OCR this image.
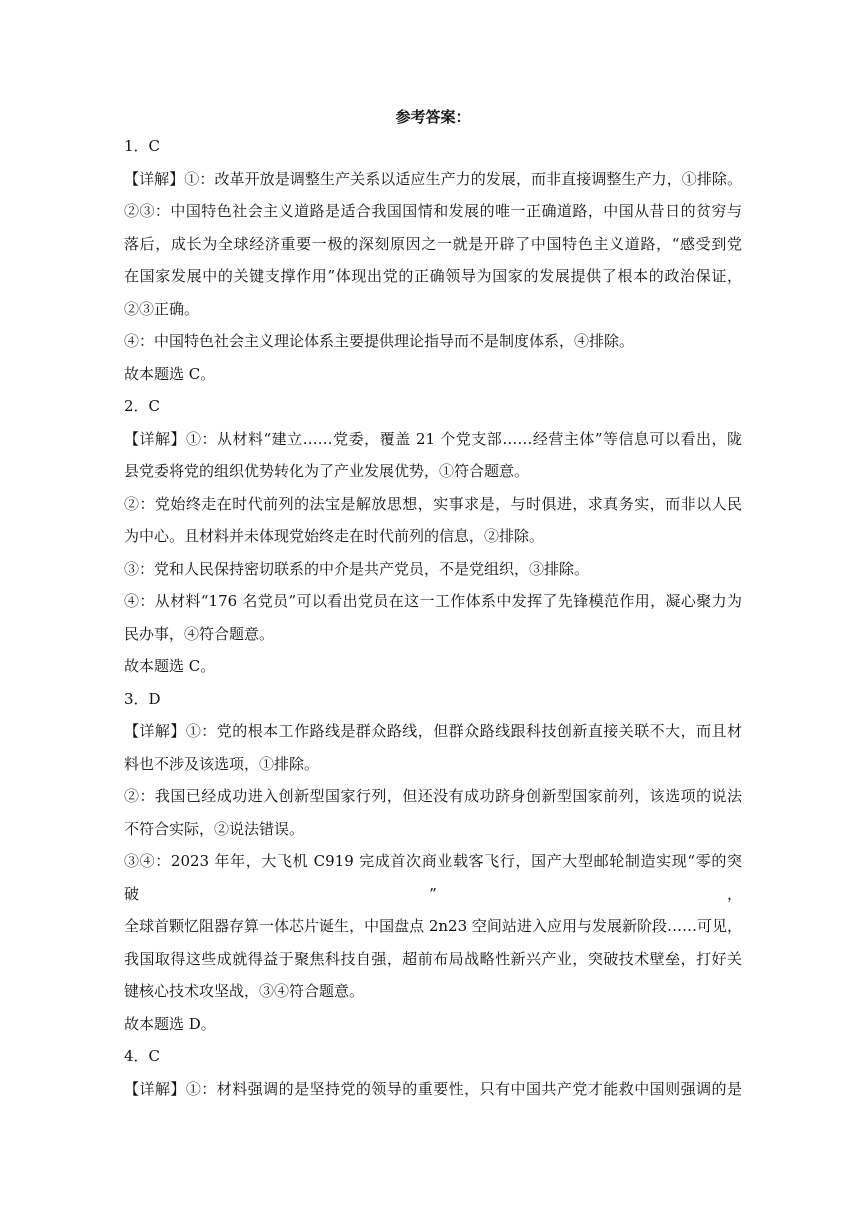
参考答案：
1．C
【详解】①：改革开放是调整生产关系以适应生产力的发展，而非直接调整生产力，①排除。
②③：中国特色社会主义道路是适合我国国情和发展的唯一正确道路，中国从昔日的贫穷与
落后，成长为全球经济重要一极的深刻原因之一就是开辟了中国特色主义道路，“感受到党
在国家发展中的关键支撑作用”体现出党的正确领导为国家的发展提供了根本的政治保证，
②③正确。
④：中国特色社会主义理论体系主要提供理论指导而不是制度体系，④排除。
故本题选 C。
2．C
【详解】①：从材料“建立……党委，覆盖 21 个党支部……经营主体”等信息可以看出，陇
县党委将党的组织优势转化为了产业发展优势，①符合题意。
②：党始终走在时代前列的法宝是解放思想，实事求是，与时俱进，求真务实，而非以人民
为中心。且材料并未体现党始终走在时代前列的信息，②排除。
③：党和人民保持密切联系的中介是共产党员，不是党组织，③排除。
④：从材料“176 名党员”可以看出党员在这一工作体系中发挥了先锋模范作用，凝心聚力为
民办事，④符合题意。
故本题选 C。
3．D
【详解】①：党的根本工作路线是群众路线，但群众路线跟科技创新直接关联不大，而且材
料也不涉及该选项，①排除。
②：我国已经成功进入创新型国家行列，但还没有成功跻身创新型国家前列，该选项的说法
不符合实际，②说法错误。
③④：2023 年年，大飞机 C919 完成首次商业载客飞行，国产大型邮轮制造实现“零的突破”，
全球首颗忆阻器存算一体芯片诞生，中国盘点 2n23 空间站进入应用与发展新阶段……可见，
我国取得这些成就得益于聚焦科技自强，超前布局战略性新兴产业，突破技术壁垒，打好关
键核心技术攻坚战，③④符合题意。
故本题选 D。
4．C
【详解】①：材料强调的是坚持党的领导的重要性，只有中国共产党才能救中国则强调的是
